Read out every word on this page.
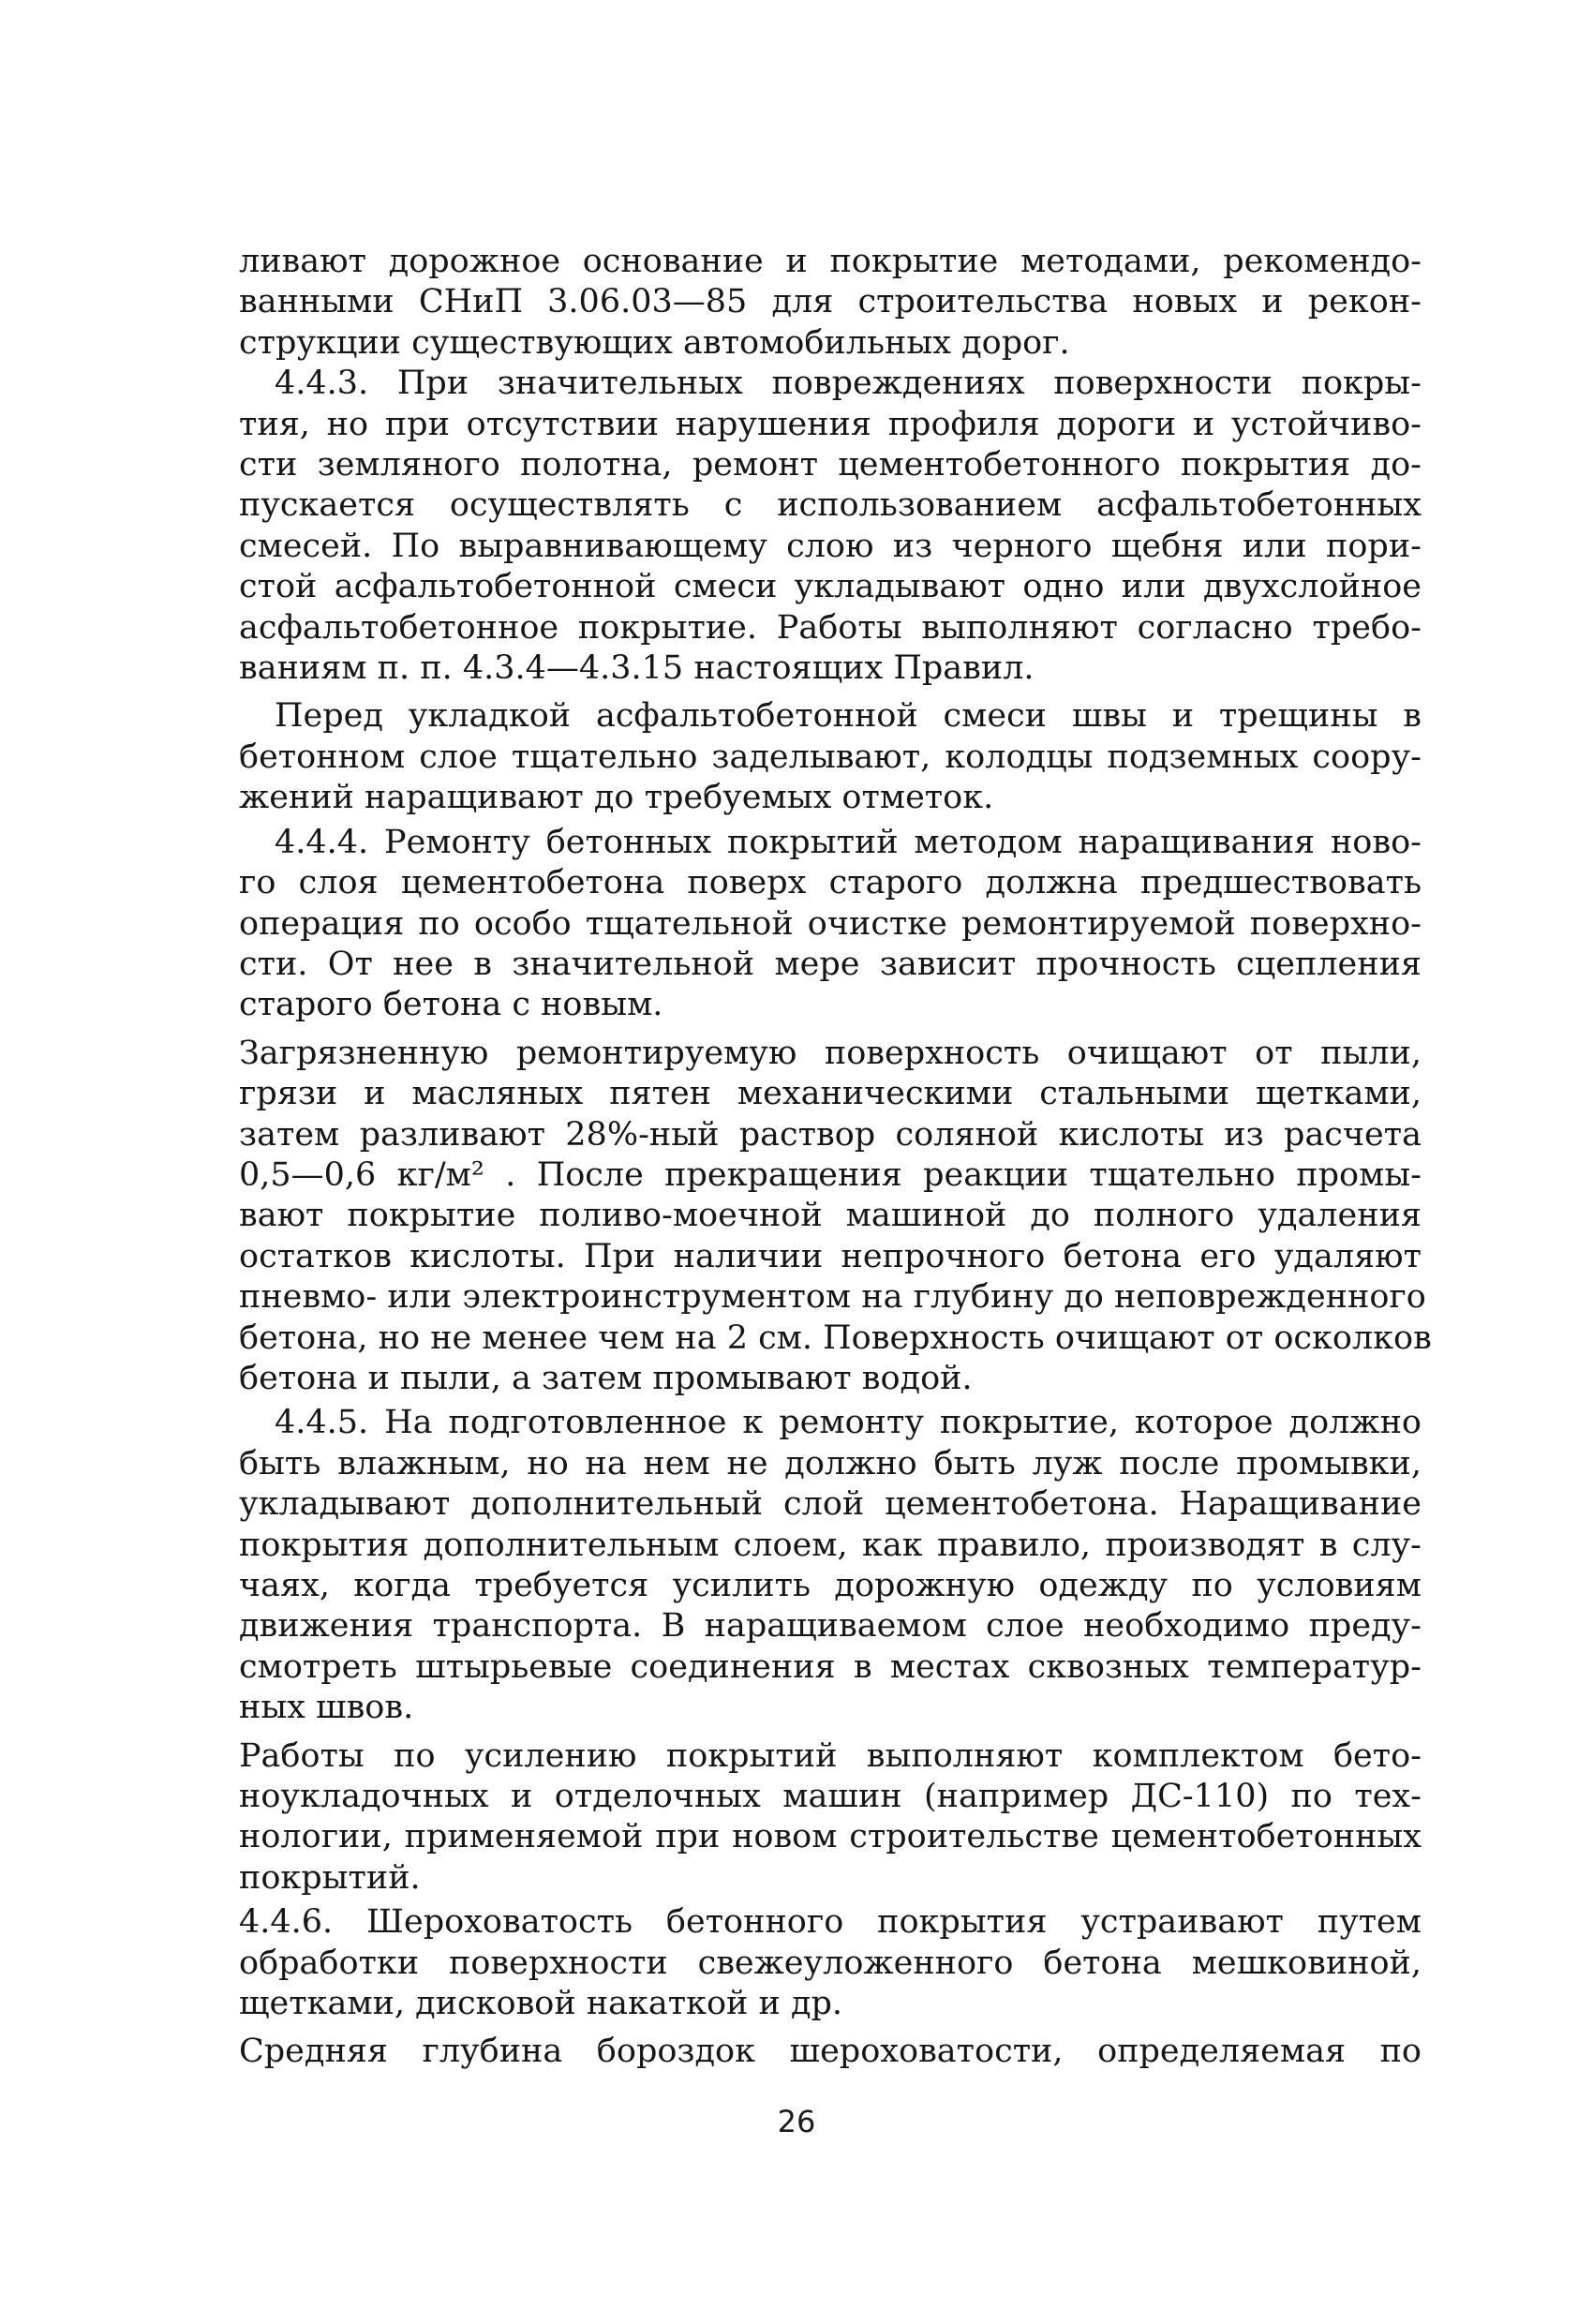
ливают дорожное основание и покрытие методами, рекомендо-
ванными СНиП 3.06.03—85 для строительства новых и рекон-
струкции существующих автомобильных дорог.
4.4.3. При значительных повреждениях поверхности покры-
тия, но при отсутствии нарушения профиля дороги и устойчиво-
сти земляного полотна, ремонт цементобетонного покрытия до-
пускается осуществлять с использованием асфальтобетонных
смесей. По выравнивающему слою из черного щебня или пори-
стой асфальтобетонной смеси укладывают одно или двухслойное
асфальтобетонное покрытие. Работы выполняют согласно требо-
ваниям п. п. 4.3.4—4.3.15 настоящих Правил.
Перед укладкой асфальтобетонной смеси швы и трещины в
бетонном слое тщательно заделывают, колодцы подземных соору-
жений наращивают до требуемых отметок.
4.4.4. Ремонту бетонных покрытий методом наращивания ново-
го слоя цементобетона поверх старого должна предшествовать
операция по особо тщательной очистке ремонтируемой поверхно-
сти. От нее в значительной мере зависит прочность сцепления
старого бетона с новым.
Загрязненную ремонтируемую поверхность очищают от пыли,
грязи и масляных пятен механическими стальными щетками,
затем разливают 28%-ный раствор соляной кислоты из расчета
0,5—0,6 кг/м² . После прекращения реакции тщательно промы-
вают покрытие поливо-моечной машиной до полного удаления
остатков кислоты. При наличии непрочного бетона его удаляют
пневмо- или электроинструментом на глубину до неповрежденного
бетона, но не менее чем на 2 см. Поверхность очищают от осколков
бетона и пыли, а затем промывают водой.
4.4.5. На подготовленное к ремонту покрытие, которое должно
быть влажным, но на нем не должно быть луж после промывки,
укладывают дополнительный слой цементобетона. Наращивание
покрытия дополнительным слоем, как правило, производят в слу-
чаях, когда требуется усилить дорожную одежду по условиям
движения транспорта. В наращиваемом слое необходимо преду-
смотреть штырьевые соединения в местах сквозных температур-
ных швов.
Работы по усилению покрытий выполняют комплектом бето-
ноукладочных и отделочных машин (например ДС-110) по тех-
нологии, применяемой при новом строительстве цементобетонных
покрытий.
4.4.6. Шероховатость бетонного покрытия устраивают путем
обработки поверхности свежеуложенного бетона мешковиной,
щетками, дисковой накаткой и др.
Средняя глубина бороздок шероховатости, определяемая по
26
